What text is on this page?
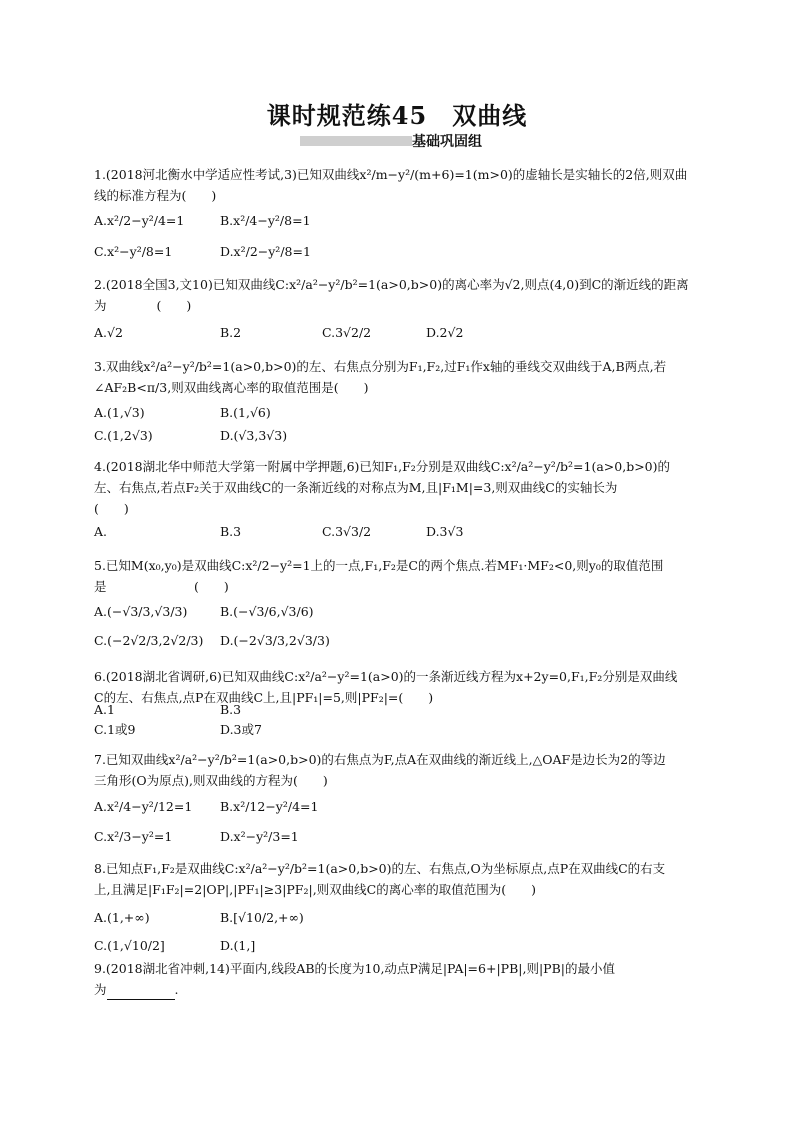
课时规范练45　双曲线
基础巩固组
1.(2018河北衡水中学适应性考试,3)已知双曲线x²/m−y²/(m+6)=1(m>0)的虚轴长是实轴长的2倍,则双曲
线的标准方程为(　　)
A.x²/2−y²/4=1	B.x²/4−y²/8=1
C.x²−y²/8=1	D.x²/2−y²/8=1
2.(2018全国3,文10)已知双曲线C:x²/a²−y²/b²=1(a>0,b>0)的离心率为√2,则点(4,0)到C的渐近线的距离
为　　　　(　　)
A.√2	B.2	C.3√2/2	D.2√2
3.双曲线x²/a²−y²/b²=1(a>0,b>0)的左、右焦点分别为F₁,F₂,过F₁作x轴的垂线交双曲线于A,B两点,若
∠AF₂B<π/3,则双曲线离心率的取值范围是(　　)
A.(1,√3)	B.(1,√6)
C.(1,2√3)	D.(√3,3√3)
4.(2018湖北华中师范大学第一附属中学押题,6)已知F₁,F₂分别是双曲线C:x²/a²−y²/b²=1(a>0,b>0)的
左、右焦点,若点F₂关于双曲线C的一条渐近线的对称点为M,且|F₁M|=3,则双曲线C的实轴长为
(　　)
A.	B.3	C.3√3/2	D.3√3
5.已知M(x₀,y₀)是双曲线C:x²/2−y²=1上的一点,F₁,F₂是C的两个焦点.若MF₁·MF₂<0,则y₀的取值范围
是　　　　　　　(　　)
A.(−√3/3,√3/3)	B.(−√3/6,√3/6)
C.(−2√2/3,2√2/3) D.(−2√3/3,2√3/3)
6.(2018湖北省调研,6)已知双曲线C:x²/a²−y²=1(a>0)的一条渐近线方程为x+2y=0,F₁,F₂分别是双曲线
C的左、右焦点,点P在双曲线C上,且|PF₁|=5,则|PF₂|=(　　)
A.1	B.3
C.1或9	D.3或7
7.已知双曲线x²/a²−y²/b²=1(a>0,b>0)的右焦点为F,点A在双曲线的渐近线上,△OAF是边长为2的等边
三角形(O为原点),则双曲线的方程为(　　)
A.x²/4−y²/12=1 B.x²/12−y²/4=1
C.x²/3−y²=1	D.x²−y²/3=1
8.已知点F₁,F₂是双曲线C:x²/a²−y²/b²=1(a>0,b>0)的左、右焦点,O为坐标原点,点P在双曲线C的右支
上,且满足|F₁F₂|=2|OP|,|PF₁|≥3|PF₂|,则双曲线C的离心率的取值范围为(　　)
A.(1,+∞)	B.[√10/2,+∞)
C.(1,√10/2]	D.(1,]
9.(2018湖北省冲刺,14)平面内,线段AB的长度为10,动点P满足|PA|=6+|PB|,则|PB|的最小值
为	.
